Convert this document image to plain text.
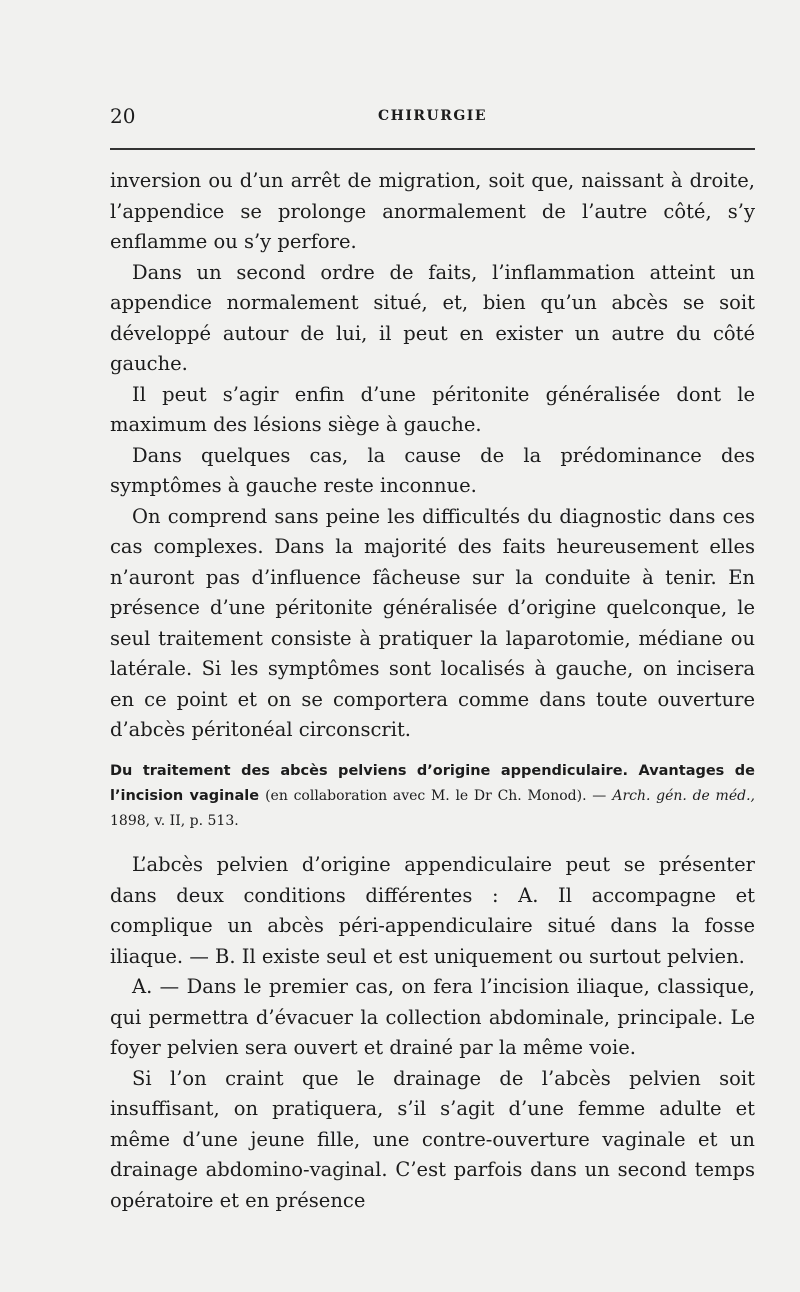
20	CHIRURGIE

inversion ou d’un arrêt de migration, soit que, naissant à droite, l’appendice se prolonge anormalement de l’autre côté, s’y enflamme ou s’y perfore.

Dans un second ordre de faits, l’inflammation atteint un appendice normalement situé, et, bien qu’un abcès se soit développé autour de lui, il peut en exister un autre du côté gauche.

Il peut s’agir enfin d’une péritonite généralisée dont le maximum des lésions siège à gauche.

Dans quelques cas, la cause de la prédominance des symptômes à gauche reste inconnue.

On comprend sans peine les difficultés du diagnostic dans ces cas complexes. Dans la majorité des faits heureusement elles n’auront pas d’influence fâcheuse sur la conduite à tenir. En présence d’une péritonite généralisée d’origine quelconque, le seul traitement consiste à pratiquer la laparotomie, médiane ou latérale. Si les symptômes sont localisés à gauche, on incisera en ce point et on se comportera comme dans toute ouverture d’abcès péritonéal circonscrit.

Du traitement des abcès pelviens d’origine appendiculaire. Avantages de l’incision vaginale (en collaboration avec M. le Dr Ch. Monod). — Arch. gén. de méd., 1898, v. II, p. 513.

L’abcès pelvien d’origine appendiculaire peut se présenter dans deux conditions différentes : A. Il accompagne et complique un abcès péri-appendiculaire situé dans la fosse iliaque. — B. Il existe seul et est uniquement ou surtout pelvien.

A. — Dans le premier cas, on fera l’incision iliaque, classique, qui permettra d’évacuer la collection abdominale, principale. Le foyer pelvien sera ouvert et drainé par la même voie.

Si l’on craint que le drainage de l’abcès pelvien soit insuffisant, on pratiquera, s’il s’agit d’une femme adulte et même d’une jeune fille, une contre-ouverture vaginale et un drainage abdomino-vaginal. C’est parfois dans un second temps opératoire et en présence
